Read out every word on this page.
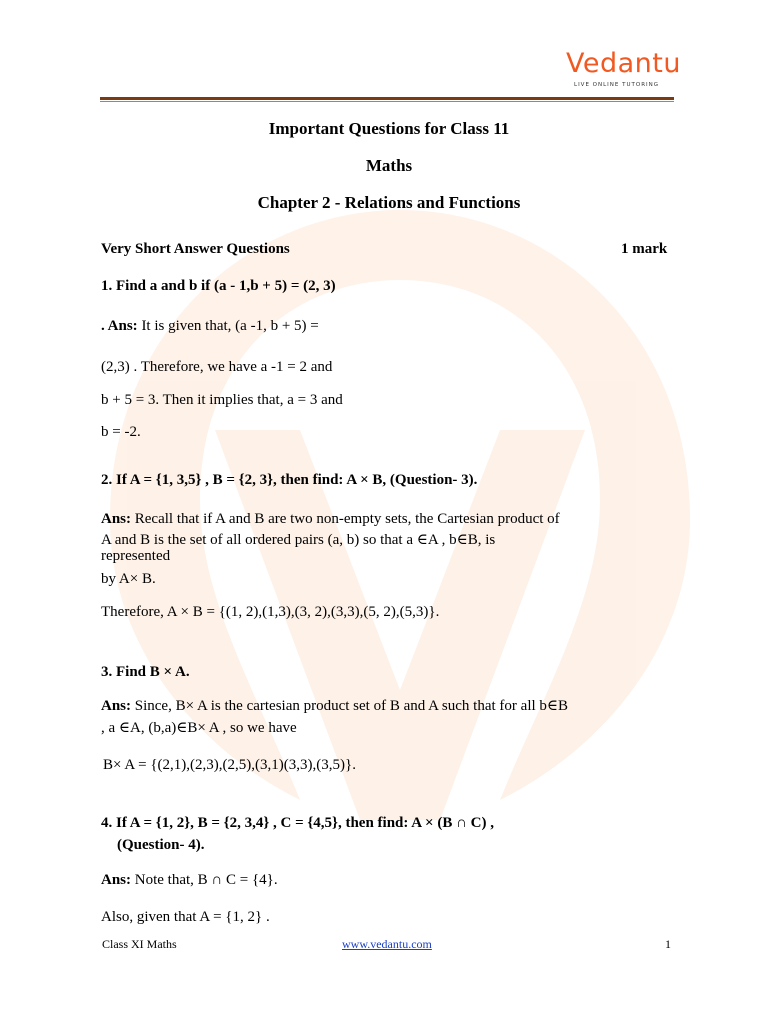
Vedantu
LIVE ONLINE TUTORING
Important Questions for Class 11
Maths
Chapter 2 - Relations and Functions
Very Short Answer Questions	1 mark
1. Find a and b if (a - 1,b + 5) = (2, 3)
. Ans: It is given that, (a -1, b + 5) =
(2,3) . Therefore, we have a -1 = 2 and
b + 5 = 3. Then it implies that, a = 3 and
b = -2.
2. If A = {1, 3,5} , B = {2, 3}, then find: A × B, (Question- 3).
Ans: Recall that if A and B are two non-empty sets, the Cartesian product of
A and B is the set of all ordered pairs (a, b) so that a ∈A , b∈B, is
represented
by A× B.
Therefore, A × B = {(1, 2),(1,3),(3, 2),(3,3),(5, 2),(5,3)}.
3. Find B × A.
Ans: Since, B× A is the cartesian product set of B and A such that for all b∈B
, a ∈A, (b,a)∈B× A , so we have
B× A = {(2,1),(2,3),(2,5),(3,1)(3,3),(3,5)}.
4. If A = {1, 2}, B = {2, 3,4} , C = {4,5}, then find: A × (B ∩ C) ,
(Question- 4).
Ans: Note that, B ∩ C = {4}.
Also, given that A = {1, 2} .
Class XI Maths	www.vedantu.com	1
